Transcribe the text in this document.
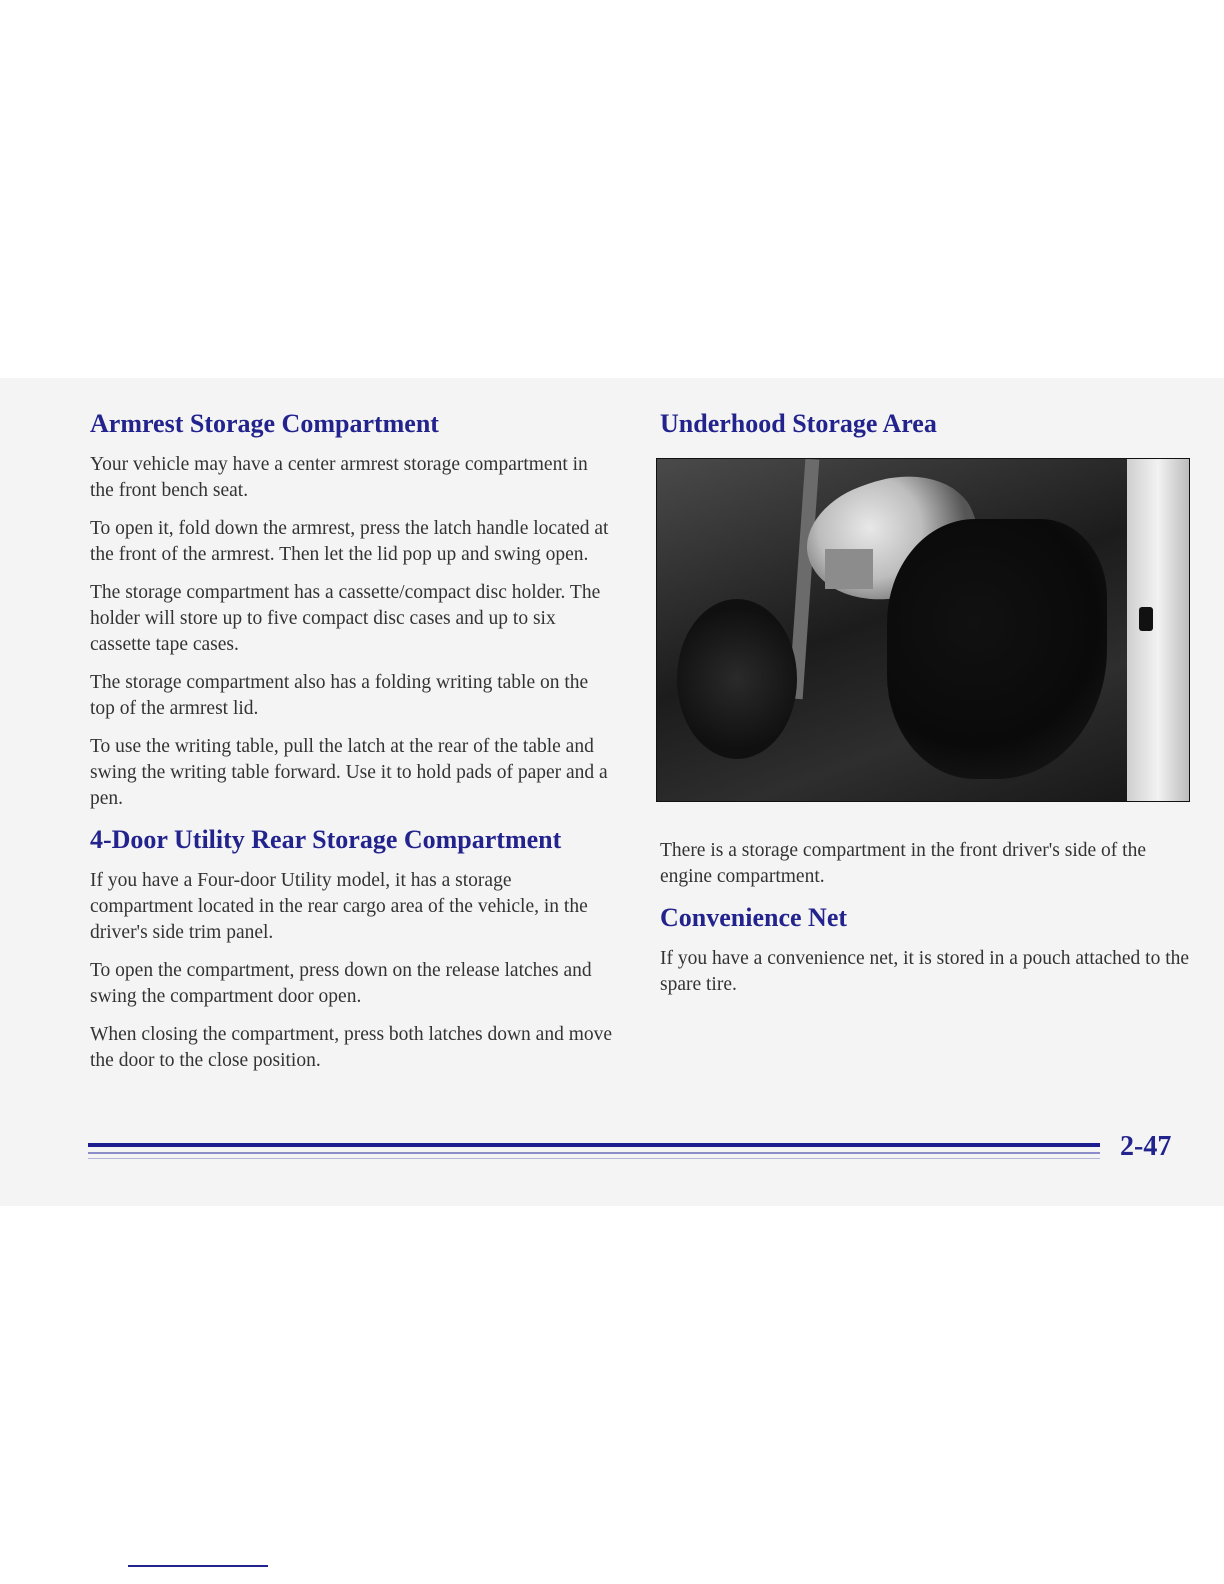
Armrest Storage Compartment

Your vehicle may have a center armrest storage compartment in the front bench seat.

To open it, fold down the armrest, press the latch handle located at the front of the armrest. Then let the lid pop up and swing open.

The storage compartment has a cassette/compact disc holder. The holder will store up to five compact disc cases and up to six cassette tape cases.

The storage compartment also has a folding writing table on the top of the armrest lid.

To use the writing table, pull the latch at the rear of the table and swing the writing table forward. Use it to hold pads of paper and a pen.

4-Door Utility Rear Storage Compartment

If you have a Four-door Utility model, it has a storage compartment located in the rear cargo area of the vehicle, in the driver's side trim panel.

To open the compartment, press down on the release latches and swing the compartment door open.

When closing the compartment, press both latches down and move the door to the close position.

Underhood Storage Area

There is a storage compartment in the front driver's side of the engine compartment.

Convenience Net

If you have a convenience net, it is stored in a pouch attached to the spare tire.

2-47
